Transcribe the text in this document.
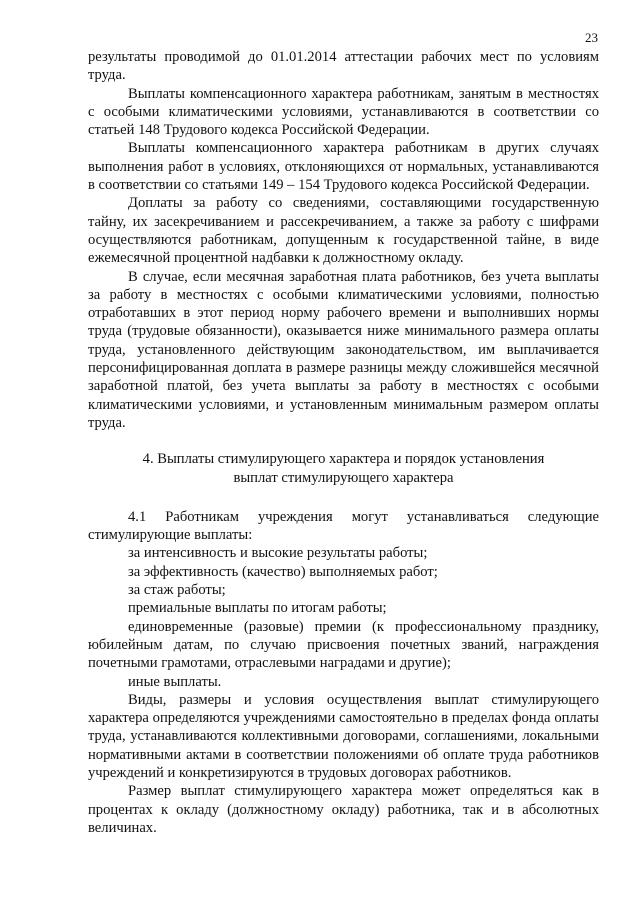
23

результаты проводимой до 01.01.2014 аттестации рабочих мест по условиям труда.

Выплаты компенсационного характера работникам, занятым в местностях с особыми климатическими условиями, устанавливаются в соответствии со статьей 148 Трудового кодекса Российской Федерации.

Выплаты компенсационного характера работникам в других случаях выполнения работ в условиях, отклоняющихся от нормальных, устанавливаются в соответствии со статьями 149 – 154 Трудового кодекса Российской Федерации.

Доплаты за работу со сведениями, составляющими государственную тайну, их засекречиванием и рассекречиванием, а также за работу с шифрами осуществляются работникам, допущенным к государственной тайне, в виде ежемесячной процентной надбавки к должностному окладу.

В случае, если месячная заработная плата работников, без учета выплаты за работу в местностях с особыми климатическими условиями, полностью отработавших в этот период норму рабочего времени и выполнивших нормы труда (трудовые обязанности), оказывается ниже минимального размера оплаты труда, установленного действующим законодательством, им выплачивается персонифицированная доплата в размере разницы между сложившейся месячной заработной платой, без учета выплаты за работу в местностях с особыми климатическими условиями, и установленным минимальным размером оплаты труда.

4. Выплаты стимулирующего характера и порядок установления
выплат стимулирующего характера

4.1 Работникам учреждения могут устанавливаться следующие стимулирующие выплаты:

за интенсивность и высокие результаты работы;

за эффективность (качество) выполняемых работ;

за стаж работы;

премиальные выплаты по итогам работы;

единовременные (разовые) премии (к профессиональному празднику, юбилейным датам, по случаю присвоения почетных званий, награждения почетными грамотами, отраслевыми наградами и другие);

иные выплаты.

Виды, размеры и условия осуществления выплат стимулирующего характера определяются учреждениями самостоятельно в пределах фонда оплаты труда, устанавливаются коллективными договорами, соглашениями, локальными нормативными актами в соответствии положениями об оплате труда работников учреждений и конкретизируются в трудовых договорах работников.

Размер выплат стимулирующего характера может определяться как в процентах к окладу (должностному окладу) работника, так и в абсолютных величинах.
